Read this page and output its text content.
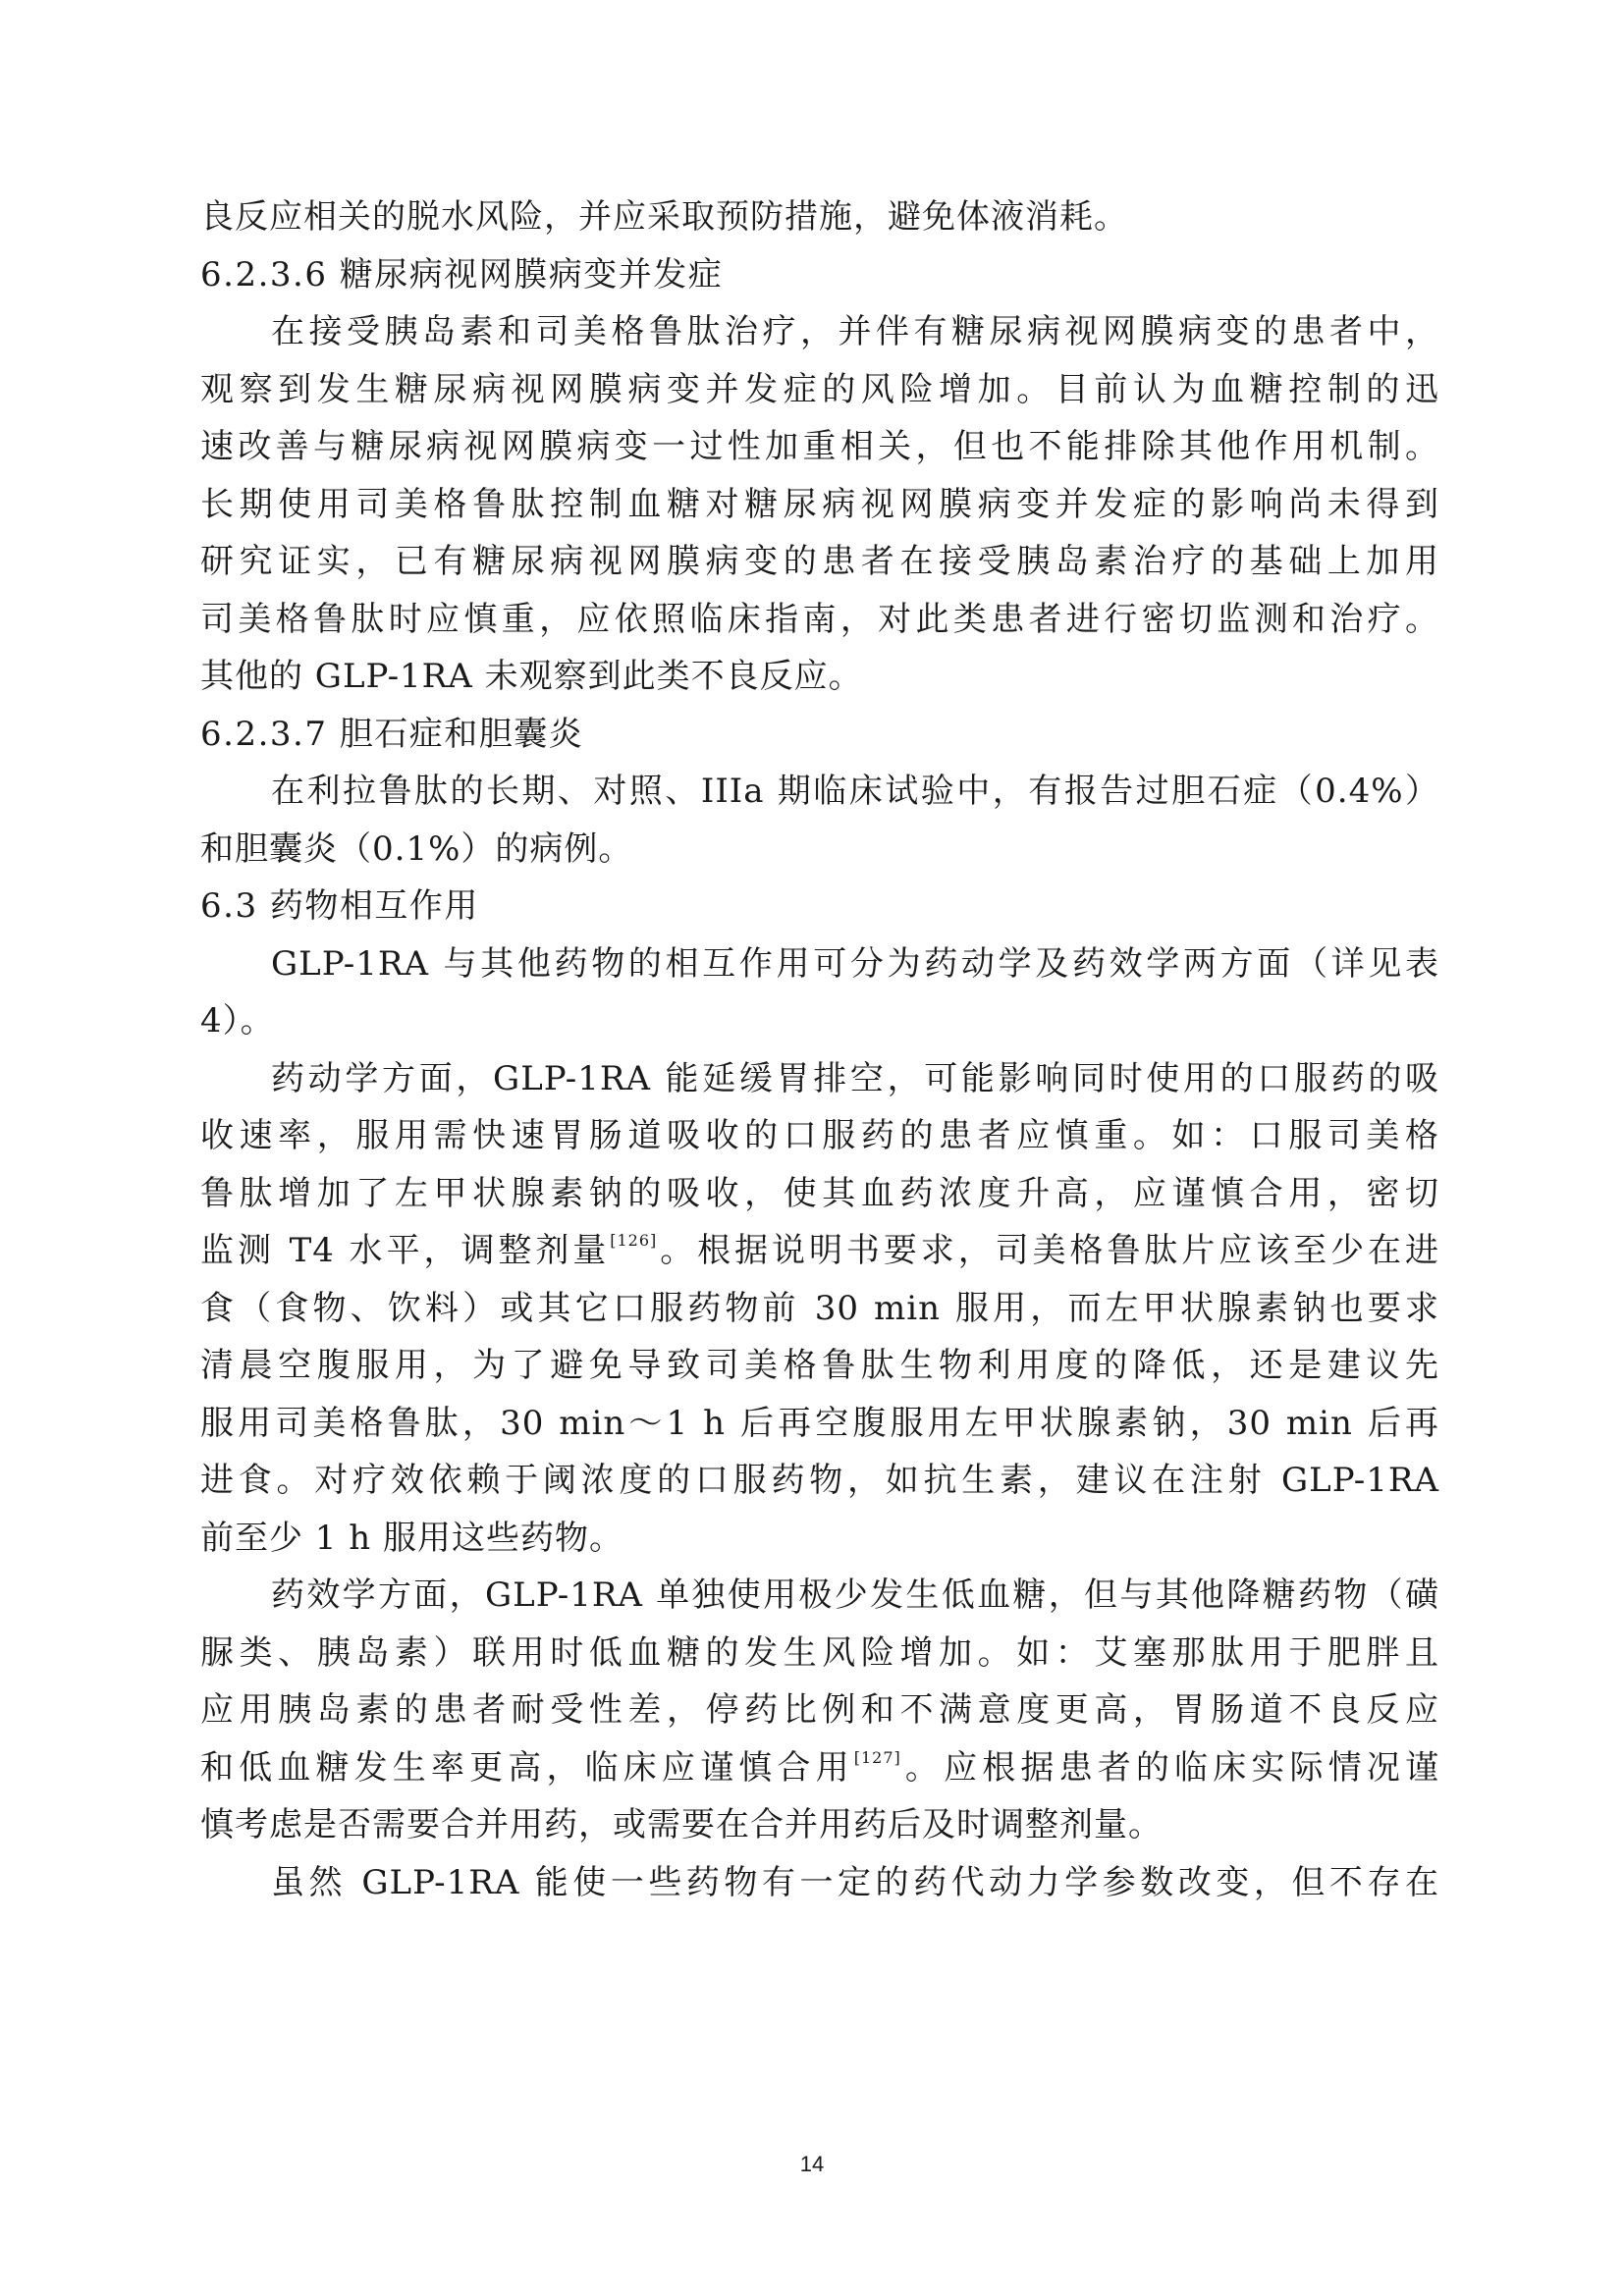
良反应相关的脱水风险，并应采取预防措施，避免体液消耗。
6.2.3.6 糖尿病视网膜病变并发症
在接受胰岛素和司美格鲁肽治疗，并伴有糖尿病视网膜病变的患者中，
观察到发生糖尿病视网膜病变并发症的风险增加。目前认为血糖控制的迅
速改善与糖尿病视网膜病变一过性加重相关，但也不能排除其他作用机制。
长期使用司美格鲁肽控制血糖对糖尿病视网膜病变并发症的影响尚未得到
研究证实，已有糖尿病视网膜病变的患者在接受胰岛素治疗的基础上加用
司美格鲁肽时应慎重，应依照临床指南，对此类患者进行密切监测和治疗。
其他的 GLP-1RA 未观察到此类不良反应。
6.2.3.7 胆石症和胆囊炎
在利拉鲁肽的长期、对照、IIIa 期临床试验中，有报告过胆石症（0.4%）
和胆囊炎（0.1%）的病例。
6.3 药物相互作用
GLP-1RA 与其他药物的相互作用可分为药动学及药效学两方面（详见表
4）。
药动学方面，GLP-1RA 能延缓胃排空，可能影响同时使用的口服药的吸
收速率，服用需快速胃肠道吸收的口服药的患者应慎重。如：口服司美格
鲁肽增加了左甲状腺素钠的吸收，使其血药浓度升高，应谨慎合用，密切
监测 T4 水平，调整剂量[126]。根据说明书要求，司美格鲁肽片应该至少在进
食（食物、饮料）或其它口服药物前 30 min 服用，而左甲状腺素钠也要求
清晨空腹服用，为了避免导致司美格鲁肽生物利用度的降低，还是建议先
服用司美格鲁肽，30 min～1 h 后再空腹服用左甲状腺素钠，30 min 后再
进食。对疗效依赖于阈浓度的口服药物，如抗生素，建议在注射 GLP-1RA
前至少 1 h 服用这些药物。
药效学方面，GLP-1RA 单独使用极少发生低血糖，但与其他降糖药物（磺
脲类、胰岛素）联用时低血糖的发生风险增加。如：艾塞那肽用于肥胖且
应用胰岛素的患者耐受性差，停药比例和不满意度更高，胃肠道不良反应
和低血糖发生率更高，临床应谨慎合用[127]。应根据患者的临床实际情况谨
慎考虑是否需要合并用药，或需要在合并用药后及时调整剂量。
虽然 GLP-1RA 能使一些药物有一定的药代动力学参数改变，但不存在
14
